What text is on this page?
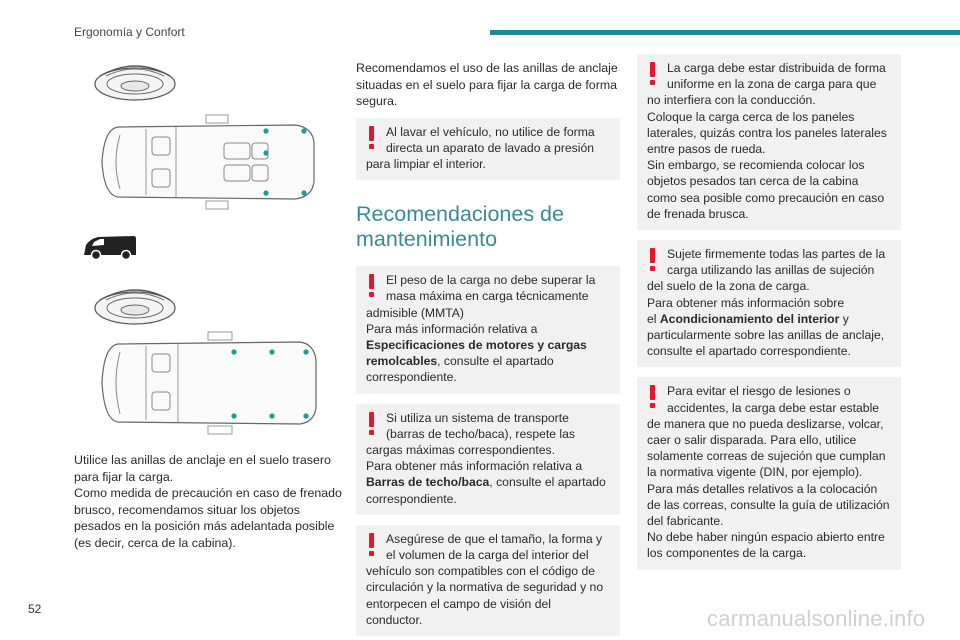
Ergonomía y Confort

Utilice las anillas de anclaje en el suelo trasero

para fijar la carga.

Como medida de precaución en caso de frenado

brusco, recomendamos situar los objetos

pesados en la posición más adelantada posible

(es decir, cerca de la cabina).

Recomendamos el uso de las anillas de anclaje

situadas en el suelo para fijar la carga de forma

segura.

Al lavar el vehículo, no utilice de forma directa un aparato de lavado a presión
para limpiar el interior.
Recomendaciones de
mantenimiento
El peso de la carga no debe superar la masa máxima en carga técnicamente
admisible (MMTA)
Para más información relativa a
Especificaciones de motores y cargas remolcables, consulte el apartado correspondiente.
Si utiliza un sistema de transporte (barras de techo/baca), respete las
cargas máximas correspondientes.
Para obtener más información relativa a
Barras de techo/baca, consulte el apartado correspondiente.
Asegúrese de que el tamaño, la forma y el volumen de la carga del interior del
vehículo son compatibles con el código de circulación y la normativa de seguridad y no entorpecen el campo de visión del conductor.
La carga debe estar distribuida de forma uniforme en la zona de carga para que
no interfiera con la conducción.
Coloque la carga cerca de los paneles laterales, quizás contra los paneles laterales entre pasos de rueda.
Sin embargo, se recomienda colocar los objetos pesados tan cerca de la cabina como sea posible como precaución en caso de frenada brusca.
Sujete firmemente todas las partes de la carga utilizando las anillas de sujeción
del suelo de la zona de carga.
Para obtener más información sobre
el Acondicionamiento del interior y particularmente sobre las anillas de anclaje, consulte el apartado correspondiente.
Para evitar el riesgo de lesiones o accidentes, la carga debe estar estable
de manera que no pueda deslizarse, volcar, caer o salir disparada. Para ello, utilice solamente correas de sujeción que cumplan la normativa vigente (DIN, por ejemplo).
Para más detalles relativos a la colocación de las correas, consulte la guía de utilización del fabricante.
No debe haber ningún espacio abierto entre los componentes de la carga.
52	carmanualsonline.info
